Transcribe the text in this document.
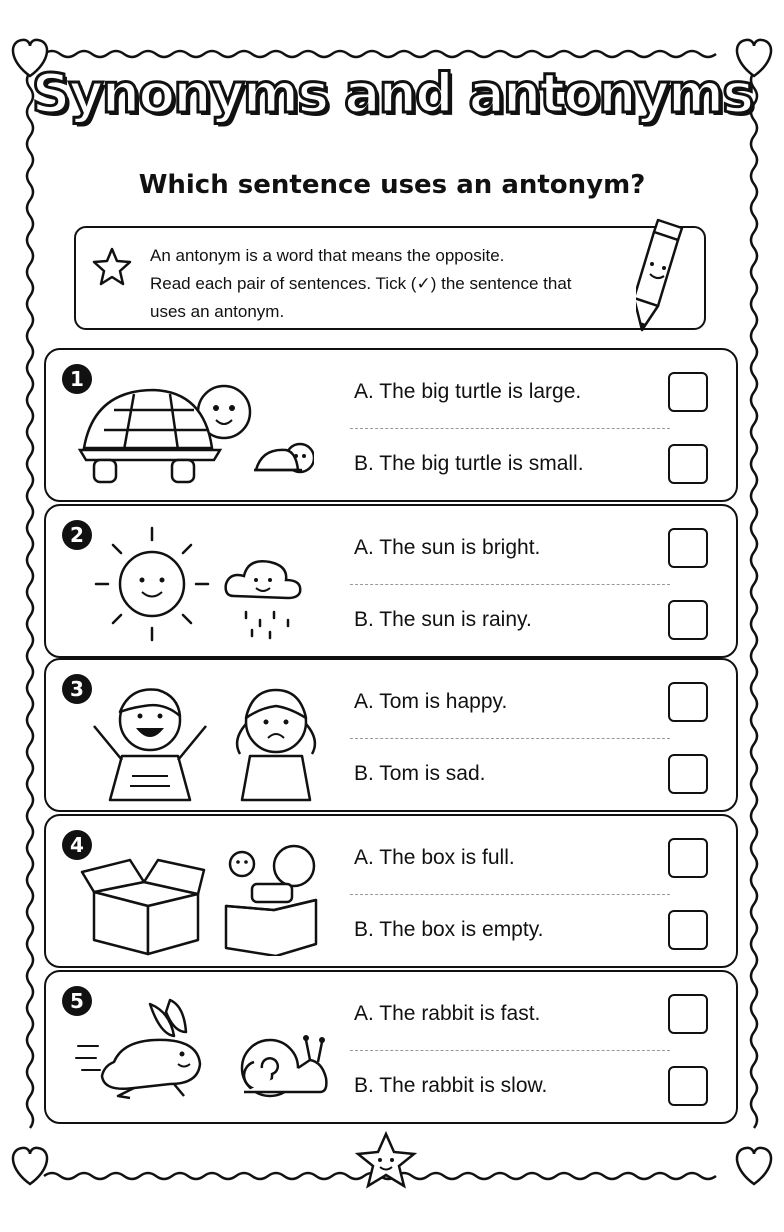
Synonyms and antonyms
Which sentence uses an antonym?
An antonym is a word that means the opposite.
Read each pair of sentences. Tick (✓) the sentence that
uses an antonym.
1
A. The big turtle is large.
B. The big turtle is small.
2
A. The sun is bright.
B. The sun is rainy.
3
A. Tom is happy.
B. Tom is sad.
4
A. The box is full.
B. The box is empty.
5
A. The rabbit is fast.
B. The rabbit is slow.
